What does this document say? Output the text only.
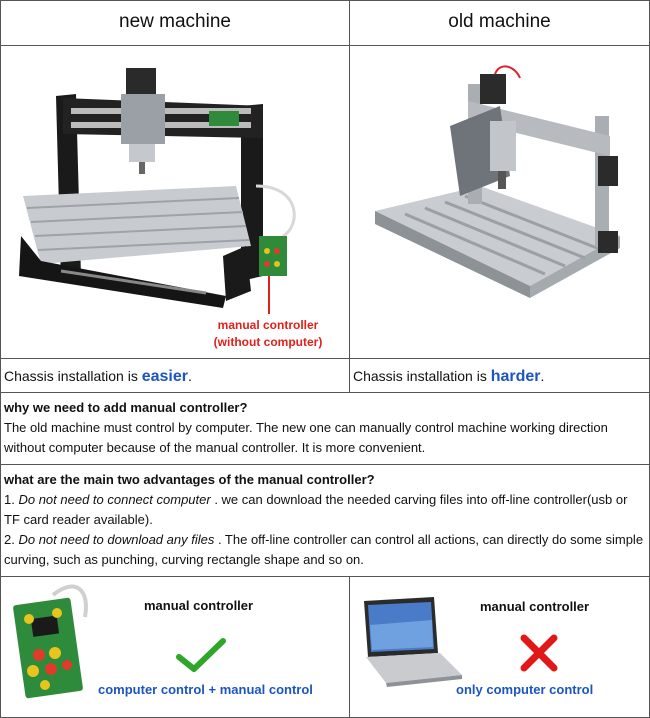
new machine	old machine
manual controller
(without computer)
Chassis installation is easier.	Chassis installation is harder.
why we need to add manual controller?
The old machine must control by computer. The new one can manually control machine working direction without computer because of the manual controller. It is more convenient.
what are the main two advantages of the manual controller?
1. Do not need to connect computer . we can download the needed carving files into off-line controller(usb or TF card reader available).
2. Do not need to download any files . The off-line controller can control all actions, can directly do some simple curving, such as punching, curving rectangle shape and so on.
manual controller
computer control + manual control
manual controller
only computer control
